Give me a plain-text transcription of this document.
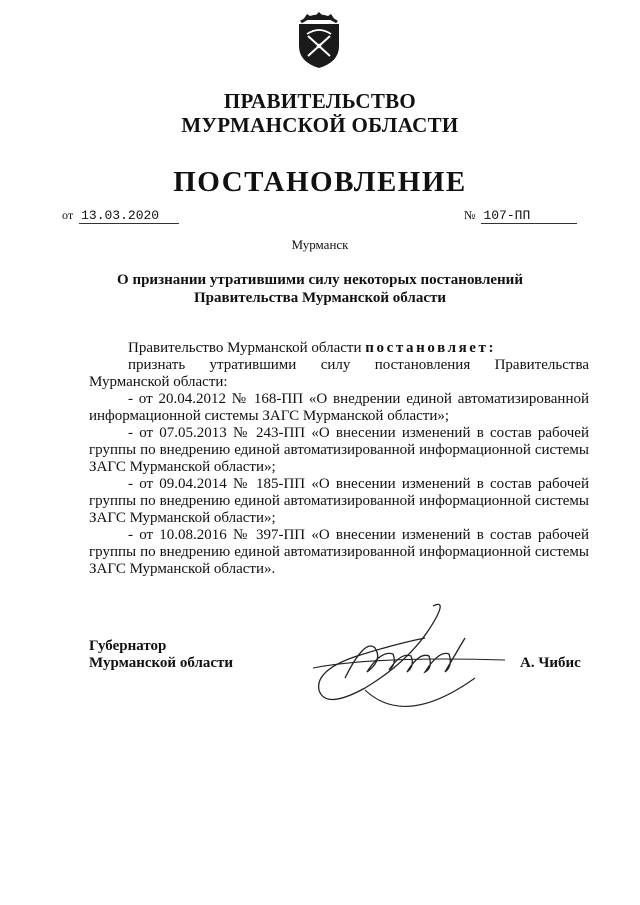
ПРАВИТЕЛЬСТВО
МУРМАНСКОЙ ОБЛАСТИ
ПОСТАНОВЛЕНИЕ
от 13.03.2020	№ 107-ПП
Мурманск
О признании утратившими силу некоторых постановлений
Правительства Мурманской области

Правительство Мурманской области постановляет:

признать утратившими силу постановления Правительства Мурманской области:

- от 20.04.2012 № 168-ПП «О внедрении единой автоматизированной информационной системы ЗАГС Мурманской области»;

- от 07.05.2013 № 243-ПП «О внесении изменений в состав рабочей группы по внедрению единой автоматизированной информационной системы ЗАГС Мурманской области»;

- от 09.04.2014 № 185-ПП «О внесении изменений в состав рабочей группы по внедрению единой автоматизированной информационной системы ЗАГС Мурманской области»;

- от 10.08.2016 № 397-ПП «О внесении изменений в состав рабочей группы по внедрению единой автоматизированной информационной системы ЗАГС Мурманской области».

Губернатор
Мурманской области	А. Чибис
